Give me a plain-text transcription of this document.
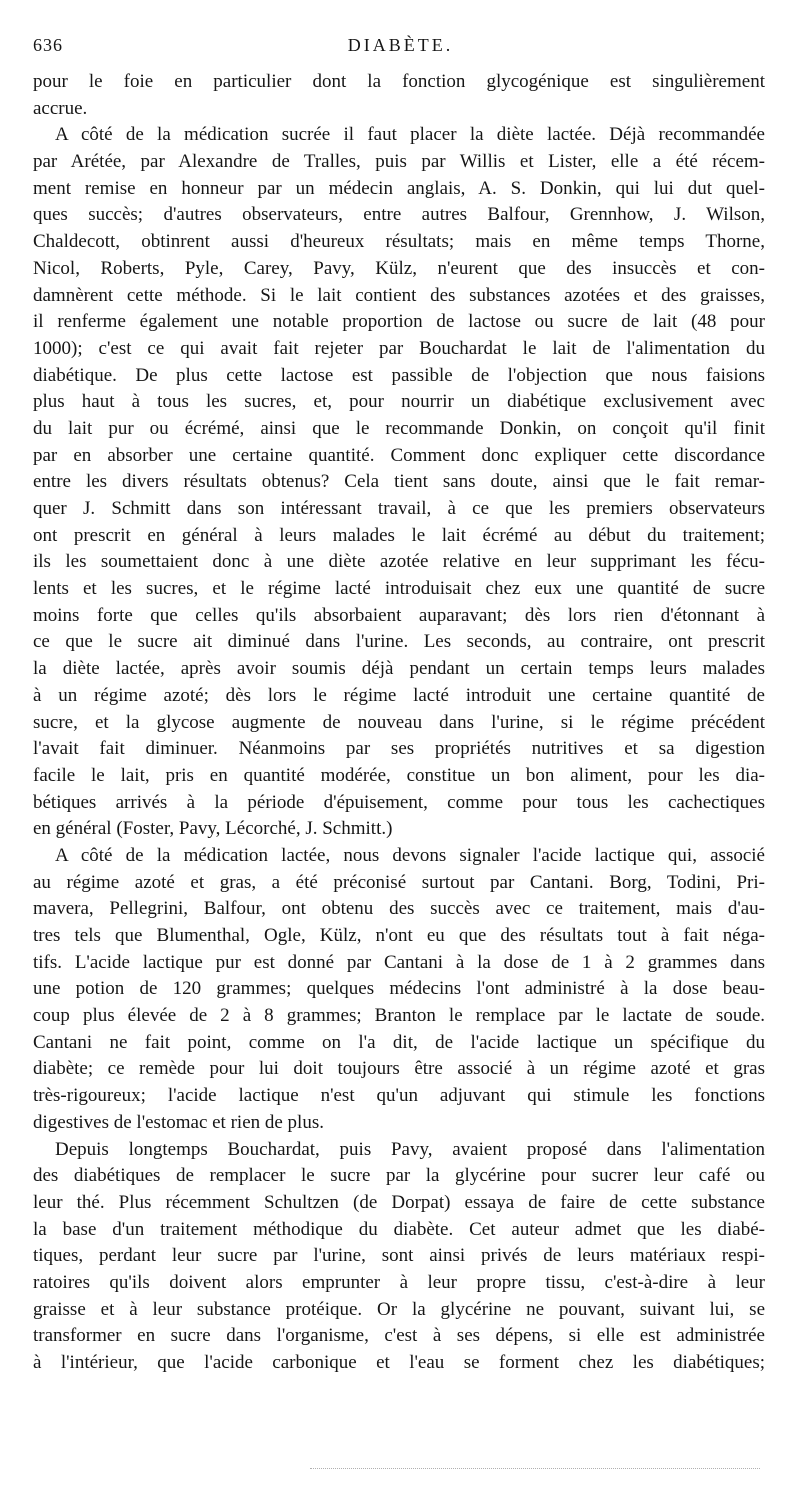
636	DIABÈTE.
pour le foie en particulier dont la fonction glycogénique est singulièrement
accrue.
A côté de la médication sucrée il faut placer la diète lactée. Déjà recommandée
par Arétée, par Alexandre de Tralles, puis par Willis et Lister, elle a été récem-
ment remise en honneur par un médecin anglais, A. S. Donkin, qui lui dut quel-
ques succès; d'autres observateurs, entre autres Balfour, Grennhow, J. Wilson,
Chaldecott, obtinrent aussi d'heureux résultats; mais en même temps Thorne,
Nicol, Roberts, Pyle, Carey, Pavy, Külz, n'eurent que des insuccès et con-
damnèrent cette méthode. Si le lait contient des substances azotées et des graisses,
il renferme également une notable proportion de lactose ou sucre de lait (48 pour
1000); c'est ce qui avait fait rejeter par Bouchardat le lait de l'alimentation du
diabétique. De plus cette lactose est passible de l'objection que nous faisions
plus haut à tous les sucres, et, pour nourrir un diabétique exclusivement avec
du lait pur ou écrémé, ainsi que le recommande Donkin, on conçoit qu'il finit
par en absorber une certaine quantité. Comment donc expliquer cette discordance
entre les divers résultats obtenus? Cela tient sans doute, ainsi que le fait remar-
quer J. Schmitt dans son intéressant travail, à ce que les premiers observateurs
ont prescrit en général à leurs malades le lait écrémé au début du traitement;
ils les soumettaient donc à une diète azotée relative en leur supprimant les fécu-
lents et les sucres, et le régime lacté introduisait chez eux une quantité de sucre
moins forte que celles qu'ils absorbaient auparavant; dès lors rien d'étonnant à
ce que le sucre ait diminué dans l'urine. Les seconds, au contraire, ont prescrit
la diète lactée, après avoir soumis déjà pendant un certain temps leurs malades
à un régime azoté; dès lors le régime lacté introduit une certaine quantité de
sucre, et la glycose augmente de nouveau dans l'urine, si le régime précédent
l'avait fait diminuer. Néanmoins par ses propriétés nutritives et sa digestion
facile le lait, pris en quantité modérée, constitue un bon aliment, pour les dia-
bétiques arrivés à la période d'épuisement, comme pour tous les cachectiques
en général (Foster, Pavy, Lécorché, J. Schmitt.)
A côté de la médication lactée, nous devons signaler l'acide lactique qui, associé
au régime azoté et gras, a été préconisé surtout par Cantani. Borg, Todini, Pri-
mavera, Pellegrini, Balfour, ont obtenu des succès avec ce traitement, mais d'au-
tres tels que Blumenthal, Ogle, Külz, n'ont eu que des résultats tout à fait néga-
tifs. L'acide lactique pur est donné par Cantani à la dose de 1 à 2 grammes dans
une potion de 120 grammes; quelques médecins l'ont administré à la dose beau-
coup plus élevée de 2 à 8 grammes; Branton le remplace par le lactate de soude.
Cantani ne fait point, comme on l'a dit, de l'acide lactique un spécifique du
diabète; ce remède pour lui doit toujours être associé à un régime azoté et gras
très-rigoureux; l'acide lactique n'est qu'un adjuvant qui stimule les fonctions
digestives de l'estomac et rien de plus.
Depuis longtemps Bouchardat, puis Pavy, avaient proposé dans l'alimentation
des diabétiques de remplacer le sucre par la glycérine pour sucrer leur café ou
leur thé. Plus récemment Schultzen (de Dorpat) essaya de faire de cette substance
la base d'un traitement méthodique du diabète. Cet auteur admet que les diabé-
tiques, perdant leur sucre par l'urine, sont ainsi privés de leurs matériaux respi-
ratoires qu'ils doivent alors emprunter à leur propre tissu, c'est-à-dire à leur
graisse et à leur substance protéique. Or la glycérine ne pouvant, suivant lui, se
transformer en sucre dans l'organisme, c'est à ses dépens, si elle est administrée
à l'intérieur, que l'acide carbonique et l'eau se forment chez les diabétiques;
